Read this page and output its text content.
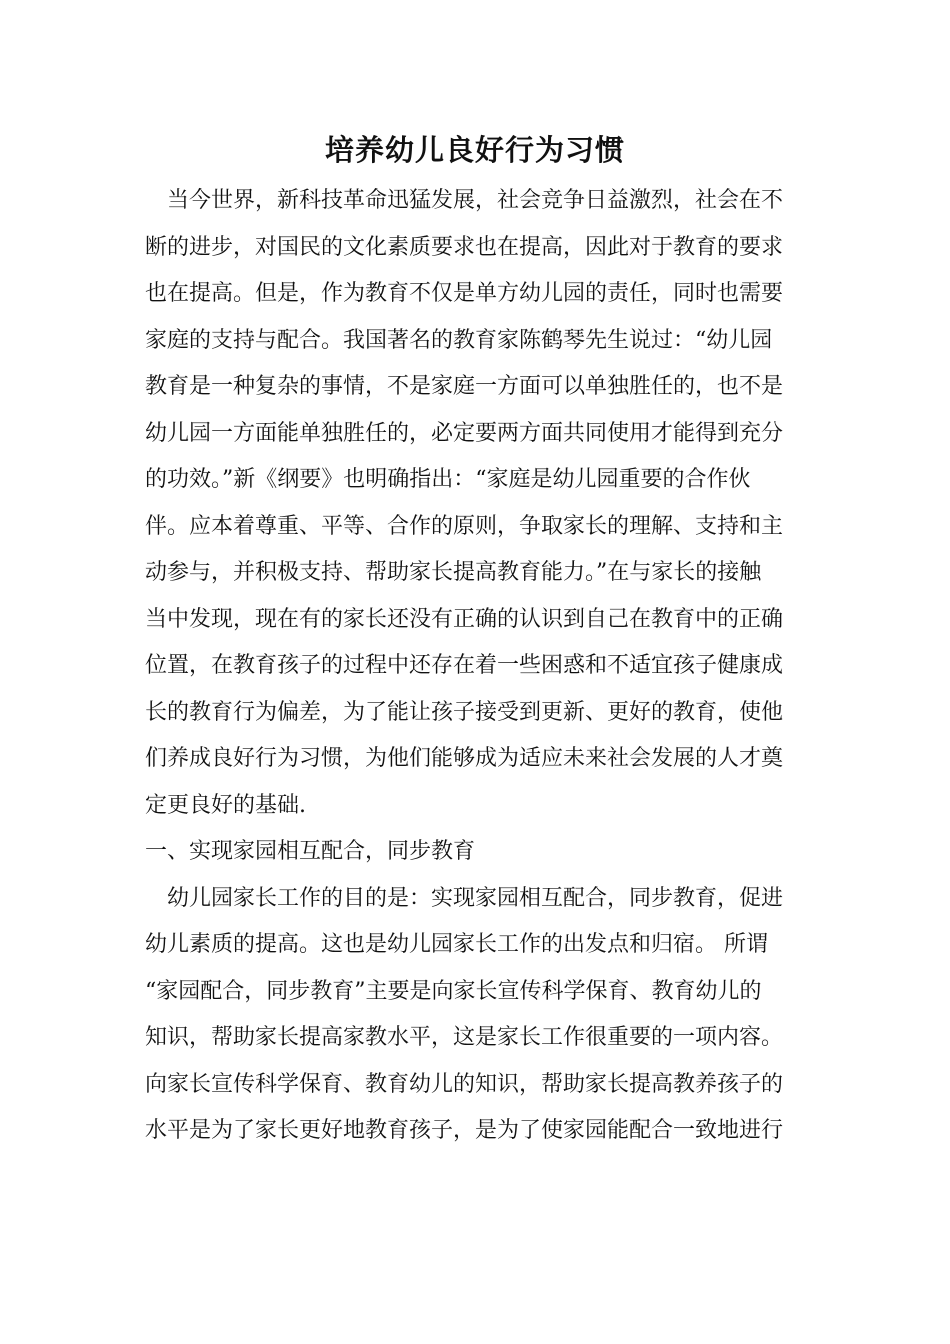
培养幼儿良好行为习惯
　当今世界，新科技革命迅猛发展，社会竞争日益激烈，社会在不
断的进步，对国民的文化素质要求也在提高，因此对于教育的要求
也在提高。但是，作为教育不仅是单方幼儿园的责任，同时也需要
家庭的支持与配合。我国著名的教育家陈鹤琴先生说过：“幼儿园
教育是一种复杂的事情，不是家庭一方面可以单独胜任的，也不是
幼儿园一方面能单独胜任的，必定要两方面共同使用才能得到充分
的功效。”新《纲要》也明确指出：“家庭是幼儿园重要的合作伙
伴。应本着尊重、平等、合作的原则，争取家长的理解、支持和主
动参与，并积极支持、帮助家长提高教育能力。”在与家长的接触
当中发现，现在有的家长还没有正确的认识到自己在教育中的正确
位置，在教育孩子的过程中还存在着一些困惑和不适宜孩子健康成
长的教育行为偏差，为了能让孩子接受到更新、更好的教育，使他
们养成良好行为习惯，为他们能够成为适应未来社会发展的人才奠
定更良好的基础.
一、实现家园相互配合，同步教育
　幼儿园家长工作的目的是：实现家园相互配合，同步教育，促进
幼儿素质的提高。这也是幼儿园家长工作的出发点和归宿。 所谓
“家园配合，同步教育”主要是向家长宣传科学保育、教育幼儿的
知识，帮助家长提高家教水平，这是家长工作很重要的一项内容。
向家长宣传科学保育、教育幼儿的知识，帮助家长提高教养孩子的
水平是为了家长更好地教育孩子，是为了使家园能配合一致地进行
